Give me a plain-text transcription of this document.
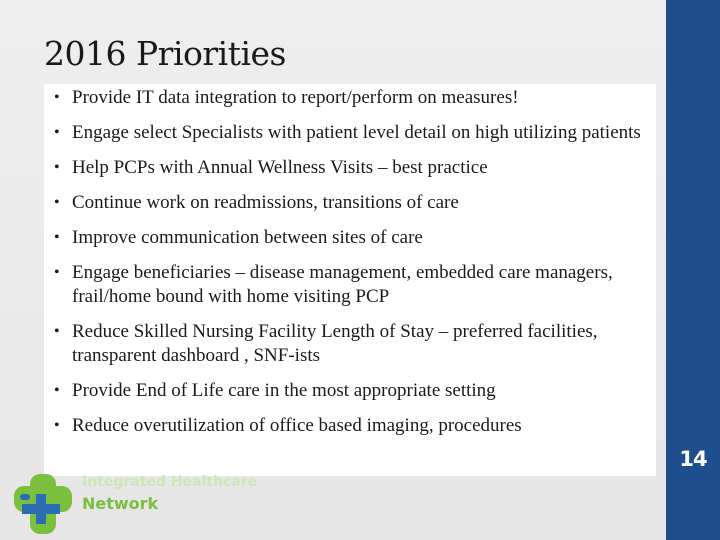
2016 Priorities
• Provide IT data integration to report/perform on measures!
• Engage select Specialists with patient level detail on high utilizing patients
• Help PCPs with Annual Wellness Visits – best practice
• Continue work on readmissions, transitions of care
• Improve communication between sites of care
• Engage beneficiaries – disease management, embedded care managers, frail/home bound with home visiting PCP
• Reduce Skilled Nursing Facility Length of Stay – preferred facilities, transparent dashboard , SNF-ists
• Provide End of Life care in the most appropriate setting
• Reduce overutilization of office based imaging, procedures
14
Integrated Healthcare
Network
